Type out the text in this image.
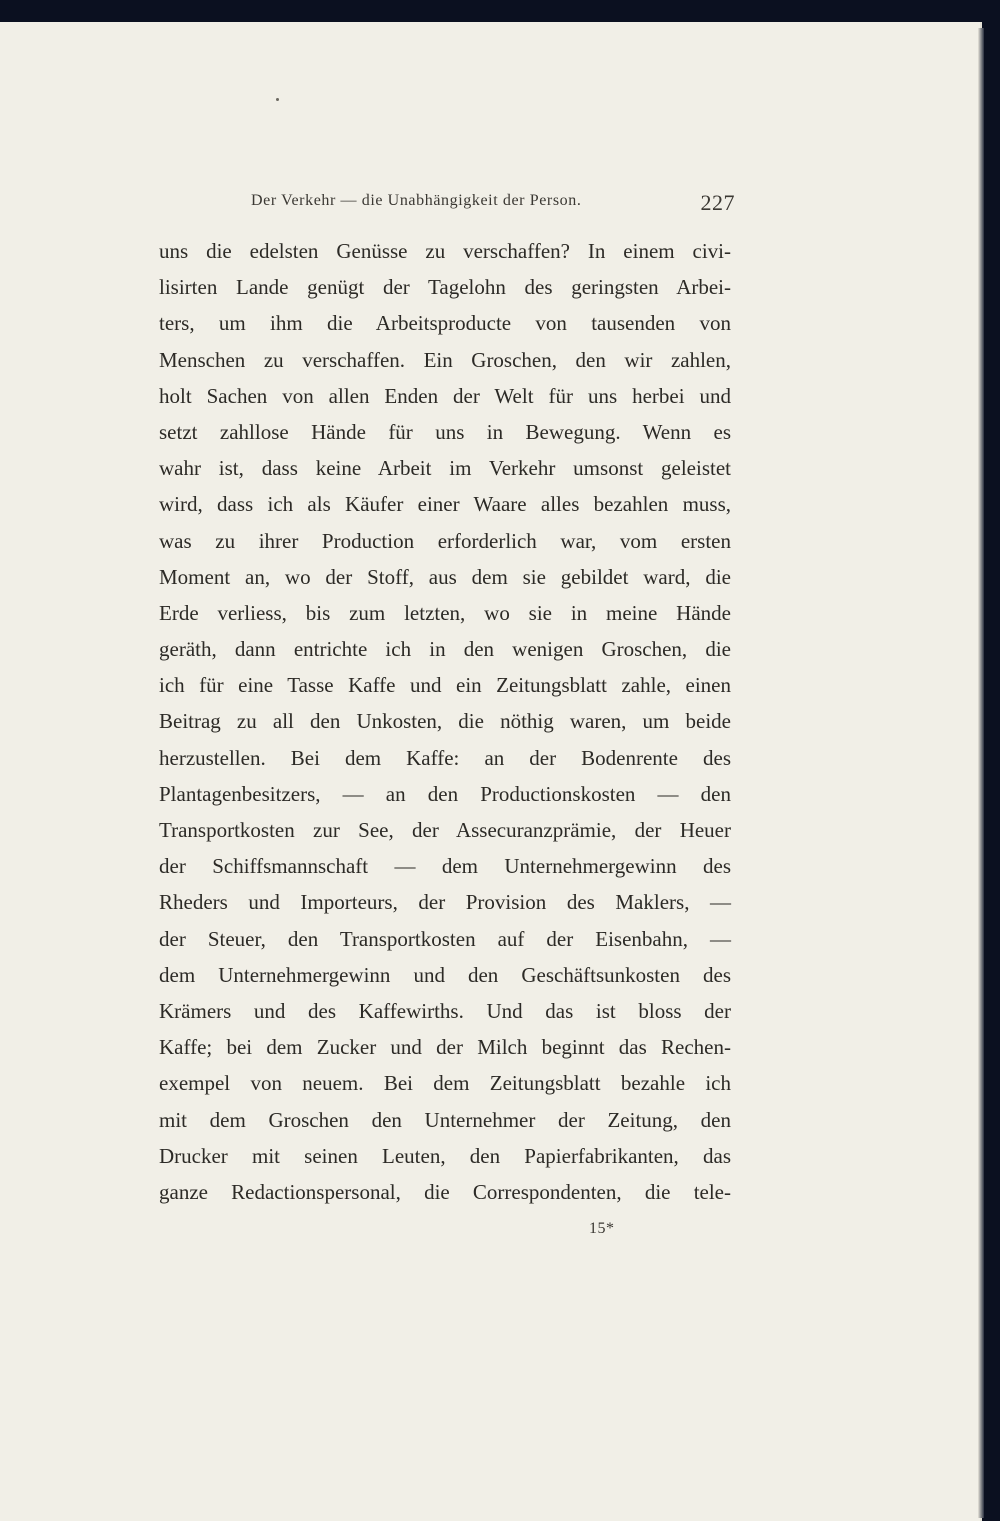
Der Verkehr — die Unabhängigkeit der Person.	227
uns die edelsten Genüsse zu verschaffen? In einem civi-
lisirten Lande genügt der Tagelohn des geringsten Arbei-
ters, um ihm die Arbeitsproducte von tausenden von
Menschen zu verschaffen. Ein Groschen, den wir zahlen,
holt Sachen von allen Enden der Welt für uns herbei und
setzt zahllose Hände für uns in Bewegung. Wenn es
wahr ist, dass keine Arbeit im Verkehr umsonst geleistet
wird, dass ich als Käufer einer Waare alles bezahlen muss,
was zu ihrer Production erforderlich war, vom ersten
Moment an, wo der Stoff, aus dem sie gebildet ward, die
Erde verliess, bis zum letzten, wo sie in meine Hände
geräth, dann entrichte ich in den wenigen Groschen, die
ich für eine Tasse Kaffe und ein Zeitungsblatt zahle, einen
Beitrag zu all den Unkosten, die nöthig waren, um beide
herzustellen. Bei dem Kaffe: an der Bodenrente des
Plantagenbesitzers, — an den Productionskosten — den
Transportkosten zur See, der Assecuranzprämie, der Heuer
der Schiffsmannschaft — dem Unternehmergewinn des
Rheders und Importeurs, der Provision des Maklers, —
der Steuer, den Transportkosten auf der Eisenbahn, —
dem Unternehmergewinn und den Geschäftsunkosten des
Krämers und des Kaffewirths. Und das ist bloss der
Kaffe; bei dem Zucker und der Milch beginnt das Rechen-
exempel von neuem. Bei dem Zeitungsblatt bezahle ich
mit dem Groschen den Unternehmer der Zeitung, den
Drucker mit seinen Leuten, den Papierfabrikanten, das
ganze Redactionspersonal, die Correspondenten, die tele-
15*
